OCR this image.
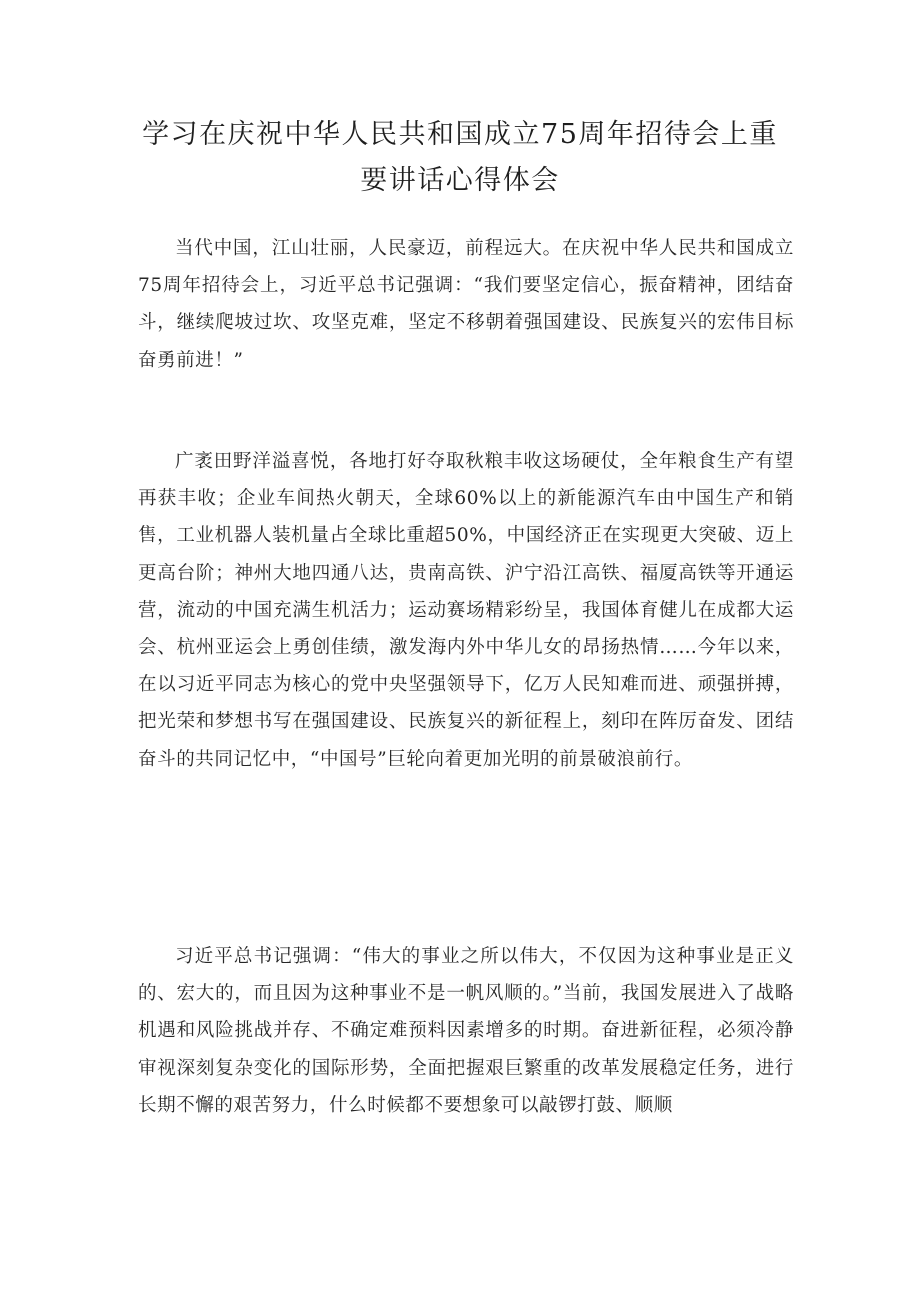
学习在庆祝中华人民共和国成立75周年招待会上重要讲话心得体会

当代中国，江山壮丽，人民豪迈，前程远大。在庆祝中华人民共和国成立75周年招待会上，习近平总书记强调：“我们要坚定信心，振奋精神，团结奋斗，继续爬坡过坎、攻坚克难，坚定不移朝着强国建设、民族复兴的宏伟目标奋勇前进！”

广袤田野洋溢喜悦，各地打好夺取秋粮丰收这场硬仗，全年粮食生产有望再获丰收；企业车间热火朝天，全球60%以上的新能源汽车由中国生产和销售，工业机器人装机量占全球比重超50%，中国经济正在实现更大突破、迈上更高台阶；神州大地四通八达，贵南高铁、沪宁沿江高铁、福厦高铁等开通运营，流动的中国充满生机活力；运动赛场精彩纷呈，我国体育健儿在成都大运会、杭州亚运会上勇创佳绩，激发海内外中华儿女的昂扬热情……今年以来，在以习近平同志为核心的党中央坚强领导下，亿万人民知难而进、顽强拼搏，把光荣和梦想书写在强国建设、民族复兴的新征程上，刻印在阵厉奋发、团结奋斗的共同记忆中，“中国号”巨轮向着更加光明的前景破浪前行。

习近平总书记强调：“伟大的事业之所以伟大，不仅因为这种事业是正义的、宏大的，而且因为这种事业不是一帆风顺的。”当前，我国发展进入了战略机遇和风险挑战并存、不确定难预料因素增多的时期。奋进新征程，必须冷静审视深刻复杂变化的国际形势，全面把握艰巨繁重的改革发展稳定任务，进行长期不懈的艰苦努力，什么时候都不要想象可以敲锣打鼓、顺顺
